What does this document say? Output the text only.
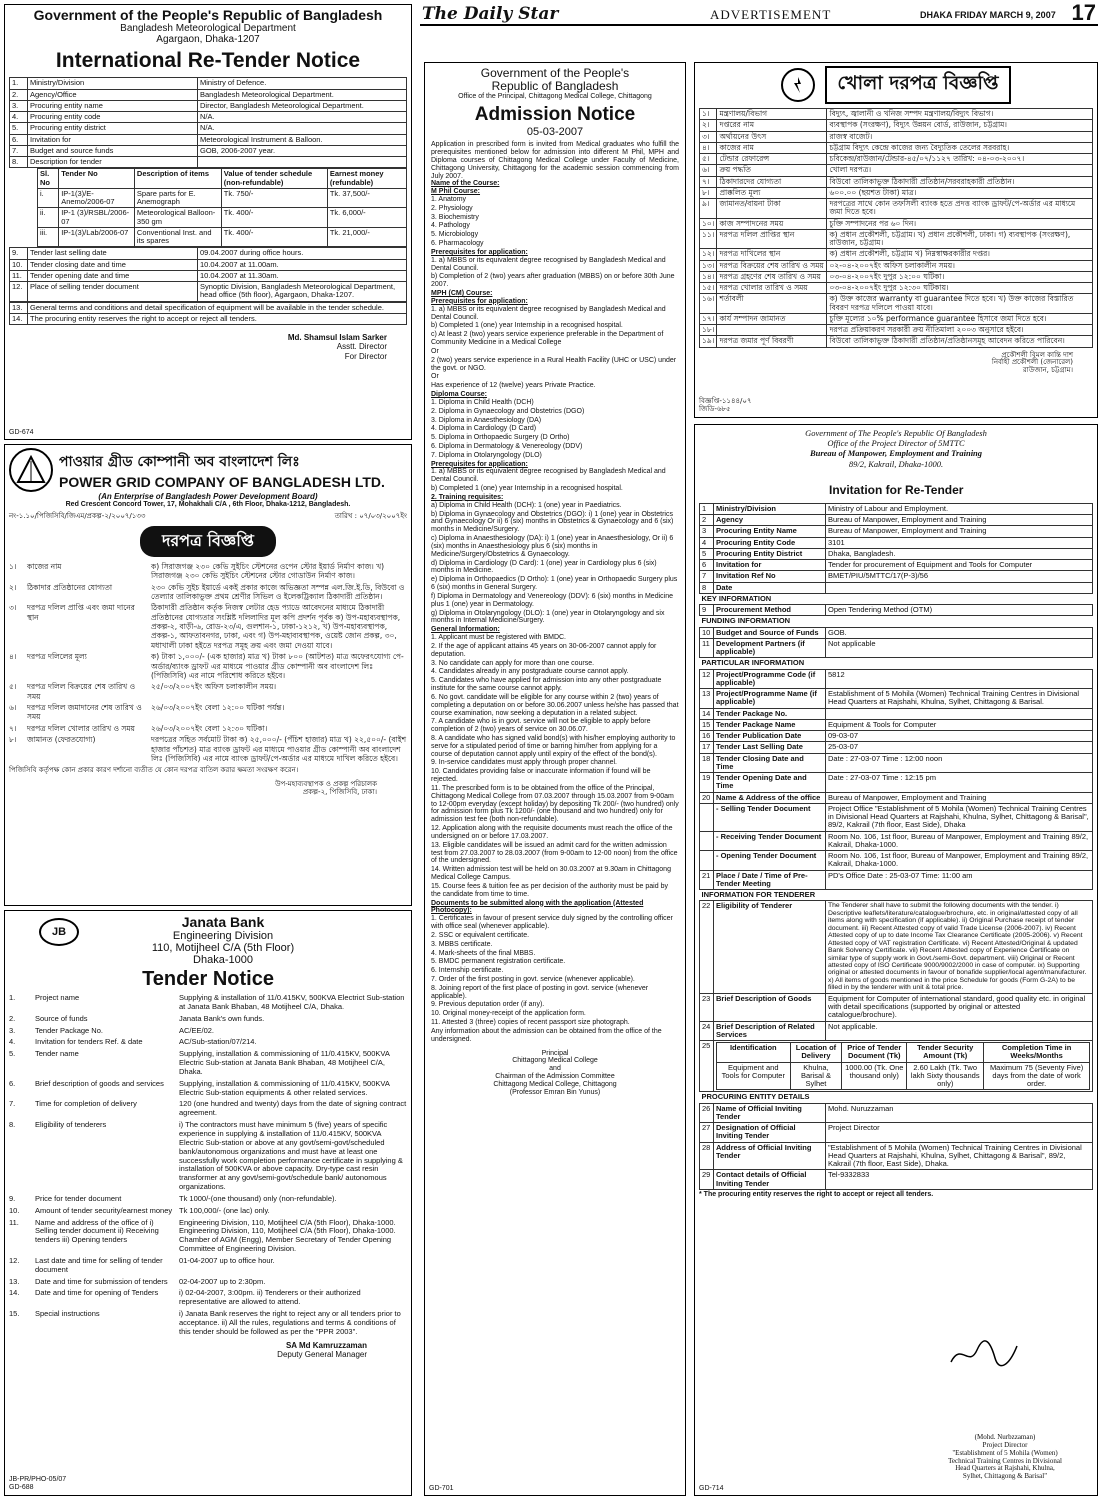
The Daily Star	ADVERTISEMENT	DHAKA FRIDAY MARCH 9, 2007 17
Government of the People's Republic of Bangladesh
Bangladesh Meteorological Department
Agargaon, Dhaka-1207
International Re-Tender Notice
1.	Ministry/Division	Ministry of Defence.
2.	Agency/Office	Bangladesh Meteorological Department.
3.	Procuring entity name	Director, Bangladesh Meteorological Department.
4.	Procuring entity code	N/A.
5.	Procuring entity district	N/A.
6.	Invitation for	Meteorological Instrument & Balloon.
7.	Budget and source funds	GOB, 2006-2007 year.
8.	Description for tender	
Sl. No	Tender No	Description of items	Value of tender schedule (non-refundable)	Earnest money (refundable)
i.	IP-1(3)/E-Anemo/2006-07	Spare parts for E. Anemograph	Tk. 750/-	Tk. 37,500/-
ii.	IP-1 (3)/RSBL/2006-07	Meteorological Balloon-350 gm	Tk. 400/-	Tk. 6,000/-
iii.	IP-1(3)/Lab/2006-07	Conventional Inst. and its spares	Tk. 400/-	Tk. 21,000/-
9.	Tender last selling date	09.04.2007 during office hours.
10.	Tender closing date and time	10.04.2007 at 11.00am.
11.	Tender opening date and time	10.04.2007 at 11.30am.
12.	Place of selling tender document	Synoptic Division, Bangladesh Meteorological Department, head office (5th floor), Agargaon, Dhaka-1207.
13.	General terms and conditions and detail specification of equipment will be available in the tender schedule.
14.	The procuring entity reserves the right to accept or reject all tenders.
Md. Shamsul Islam Sarker
Asstt. Director
For Director
GD-674
পাওয়ার গ্রীড কোম্পানী অব বাংলাদেশ লিঃ
POWER GRID COMPANY OF BANGLADESH LTD.
(An Enterprise of Bangladesh Power Development Board)
Red Crescent Concord Tower, 17, Mohakhali C/A , 6th Floor, Dhaka-1212, Bangladesh.
নং-১.১০/পিজিসিবি/জিএম/প্রকল্প-২/২০০৭/১৩৩	তারিখ : ০৭/০৩/২০০৭ইং
দরপত্র বিজ্ঞপ্তি
১।	কাজের নাম	ক) সিরাজগঞ্জ ২৩০ কেভি সুইচিং স্টেশনের ওপেন স্টোর ইয়ার্ড নির্মাণ কাজ। খ) সিরাজগঞ্জ ২৩০ কেভি সুইচিং স্টেশনের স্টোর গোডাউন নির্মাণ কাজ।
২।	ঠিকাদার প্রতিষ্ঠানের যোগ্যতা	২৩০ কেভি সুইচ ইয়ার্ডে একই প্রকার কাজে অভিজ্ঞতা সম্পন্ন এল.জি.ই.ডি, বিউবো ও তেল্যার তালিকাভুক্ত প্রথম শ্রেণীর সিভিল ও ইলেকট্রিক্যাল ঠিকাদারী প্রতিষ্ঠান।
৩।	দরপত্র দলিল প্রাপ্তি এবং জমা দানের স্থান
ঠিকাদারী প্রতিষ্ঠান কর্তৃক নিজস্ব লেটার হেড প্যাডে আবেদনের মাধ্যমে ঠিকাদারী প্রতিষ্ঠানের যোগ্যতার সংশ্লিষ্ট দলিলাদির মূল কপি প্রদর্শন পূর্বক ক) উপ-মহাব্যবস্থাপক, প্রকল্প-২, বাড়ী-৬, রোড-২৩/এ, গুলশান-১, ঢাকা-১২১২, খ) উপ-মহাব্যবস্থাপক, প্রকল্প-১, আফতাবনগর, ঢাকা, এবং গ) উপ-মহাব্যবস্থাপক, ওয়েষ্ট জোন প্রকল্প, ৩০, মধাখালী ঢাকা হইতে দরপত্র সমূহ ক্রয় এবং জমা দেওয়া যাবে।
৪।	দরপত্র দলিলের মূল্য	ক) টাকা ১,০০০/- (এক হাজার) মাত্র খ) টাকা ৮০০ (আটশত) মাত্র অফেরৎযোগ্য পে-অর্ডার/ব্যাংক ড্রাফট এর মাধ্যমে পাওয়ার গ্রীড কোম্পানী অব বাংলাদেশ লিঃ (পিজিসিবি) এর নামে পরিশোধ করিতে হইবে।
৫।	দরপত্র দলিল বিক্রয়ের শেষ তারিখ ও সময়
২৫/০৩/২০০৭ইং অফিস চলাকালীন সময়।
৬।	দরপত্র দলিল জমাদানের শেষ তারিখ ও সময়
২৬/০৩/২০০৭ইং বেলা ১২:০০ ঘটিকা পর্যন্ত।
৭।	দরপত্র দলিল খোলার তারিখ ও সময়	২৬/০৩/২০০৭ইং বেলা ১২:৩০ ঘটিকা।
৮।	জামানত (ফেরতযোগ্য)	দরপত্রের সহিত সর্বমোট টাকা ক) ২৫,০০০/- (পঁচিশ হাজার) মাত্র খ) ২২,৫০০/- (বাইশ হাজার পাঁচশত) মাত্র ব্যাংক ড্রাফট এর মাধ্যমে পাওয়ার গ্রীড কোম্পানী অব বাংলাদেশ লিঃ (পিজিসিবি) এর নামে ব্যাংক ড্রাফট/পে-অর্ডার এর মাধ্যমে দাখিল করিতে হইবে।
পিজিসিবি কর্তৃপক্ষ কোন প্রকার কারণ দর্শানো ব্যতীত যে কোন দরপত্র বাতিল করার ক্ষমতা সংরক্ষণ করেন।
উপ-মহাব্যবস্থাপক ও প্রকল্প পরিচালক
প্রকল্প-২, পিজিসিবি, ঢাকা।
JB
Janata Bank
Engineering Division
110, Motijheel C/A (5th Floor)
Dhaka-1000
Tender Notice
1.	Project name	Supplying & installation of 11/0.415KV, 500KVA Electrict Sub-station at Janata Bank Bhaban, 48 Motijheel C/A, Dhaka.
2.	Source of funds	Janata Bank's own funds.
3.	Tender Package No.	AC/EE/02.
4.	Invitation for tenders Ref. & date	AC/Sub-station/07/214.
5.	Tender name	Supplying, installation & commissioning of 11/0.415KV, 500KVA Electric Sub-station at Janata Bank Bhaban, 48 Motijheel C/A, Dhaka.
6.	Brief description of goods and services	Supplying, installation & commissioning of 11/0.415KV, 500KVA Electric Sub-station equipments & other related services.
7.	Time for completion of delivery	120 (one hundred and twenty) days from the date of signing contract agreement.
8.	Eligibility of tenderers	i) The contractors must have minimum 5 (five) years of specific experience in supplying & installation of 11/0.415KV, 500KVA Electric Sub-station or above at any govt/semi-govt/scheduled bank/autonomous organizations and must have at least one successfully work completion performance certificate in supplying & installation of 500KVA or above capacity. Dry-type cast resin transformer at any govt/semi-govt/schedule bank/ autonomous organizations.
9.	Price for tender document	Tk 1000/-(one thousand) only (non-refundable).
10.	Amount of tender security/earnest money Tk 100,000/- (one lac) only.
11.	Name and address of the office of i) Selling tender document ii) Receiving tenders iii) Opening tenders
Engineering Division, 110, Motijheel C/A (5th Floor), Dhaka-1000. Engineering Division, 110, Motijheel C/A (5th Floor), Dhaka-1000. Chamber of AGM (Engg), Member Secretary of Tender Opening Committee of Engineering Division.
12.	Last date and time for selling of tender document
01-04-2007 up to office hour.
13.	Date and time for submission of tenders	02-04-2007 up to 2:30pm.
14.	Date and time for opening of Tenders	i) 02-04-2007, 3:00pm. ii) Tenderers or their authorized representative are allowed to attend.
15.	Special instructions	i) Janata Bank reserves the right to reject any or all tenders prior to acceptance. ii) All the rules, regulations and terms & conditions of this tender should be followed as per the "PPR 2003".
SA Md Kamruzzaman
Deputy General Manager
JB-PR/PHO-05/07
GD-688
Government of the People's
Republic of Bangladesh
Office of the Principal, Chittagong Medical College, Chittagong
Admission Notice
05-03-2007
Application in prescribed form is invited from Medical graduates who fulfill the prerequisites mentioned below for admission into different M Phil, MPH and Diploma courses of Chittagong Medical College under Faculty of Medicine, Chittagong University, Chittagong for the academic session commencing from July 2007.
Name of the Course:
M Phil Course:
1. Anatomy
2. Physiology
3. Biochemistry
4. Pathology
5. Microbiology
6. Pharmacology
Prerequisites for application:
1. a) MBBS or its equivalent degree recognised by Bangladesh Medical and Dental Council.
b) Completion of 2 (two) years after graduation (MBBS) on or before 30th June 2007.
MPH (CM) Course:
Prerequisites for application:
1. a) MBBS or its equivalent degree recognised by Bangladesh Medical and Dental Council.
b) Completed 1 (one) year Internship in a recognised hospital.
c) At least 2 (two) years service experience preferable in the Department of Community Medicine in a Medical College
Or
2 (two) years service experience in a Rural Health Facility (UHC or USC) under the govt. or NGO.
Or
Has experience of 12 (twelve) years Private Practice.
Diploma Course:
1. Diploma in Child Health (DCH)
2. Diploma in Gynaecology and Obstetrics (DGO)
3. Diploma in Anaesthesiology (DA)
4. Diploma in Cardiology (D Card)
5. Diploma in Orthopaedic Surgery (D Ortho)
6. Diploma in Dermatology & Venereology (DDV)
7. Diploma in Otolaryngology (DLO)
Prerequisites for application:
1. a) MBBS or its equivalent degree recognised by Bangladesh Medical and Dental Council.
b) Completed 1 (one) year Internship in a recognised hospital.
2. Training requisites:
a) Diploma in Child Health (DCH): 1 (one) year in Paediatrics.
b) Diploma in Gynaecology and Obstetrics (DGO): i) 1 (one) year in Obstetrics and Gynaecology Or ii) 6 (six) months in Obstetrics & Gynaecology and 6 (six) months in Medicine/Surgery.
c) Diploma in Anaesthesiology (DA): i) 1 (one) year in Anaesthesiology, Or ii) 6 (six) months in Anaesthesiology plus 6 (six) months in Medicine/Surgery/Obstetrics & Gynaecology.
d) Diploma in Cardiology (D Card): 1 (one) year in Cardiology plus 6 (six) months in Medicine.
e) Diploma in Orthopaedics (D Ortho): 1 (one) year in Orthopaedic Surgery plus 6 (six) months in General Surgery.
f) Diploma in Dermatology and Venereology (DDV): 6 (six) months in Medicine plus 1 (one) year in Dermatology.
g) Diploma in Otolaryngology (DLO): 1 (one) year in Otolaryngology and six months in Internal Medicine/Surgery.
General Information:
1. Applicant must be registered with BMDC.
2. If the age of applicant attains 45 years on 30-06-2007 cannot apply for deputation.
3. No candidate can apply for more than one course.
4. Candidates already in any postgraduate course cannot apply.
5. Candidates who have applied for admission into any other postgraduate institute for the same course cannot apply.
6. No govt. candidate will be eligible for any course within 2 (two) years of completing a deputation on or before 30.06.2007 unless he/she has passed that course examination, now seeking a deputation in a related subject.
7. A candidate who is in govt. service will not be eligible to apply before completion of 2 (two) years of service on 30.06.07.
8. A candidate who has signed valid bond(s) with his/her employing authority to serve for a stipulated period of time or barring him/her from applying for a course of deputation cannot apply until expiry of the effect of the bond(s).
9. In-service candidates must apply through proper channel.
10. Candidates providing false or inaccurate information if found will be rejected.
11. The prescribed form is to be obtained from the office of the Principal, Chittagong Medical College from 07.03.2007 through 15.03.2007 from 9-00am to 12-00pm everyday (except holiday) by depositing Tk 200/- (two hundred) only for admission form plus Tk 1200/- (one thousand and two hundred) only for admission test fee (both non-refundable).
12. Application along with the requisite documents must reach the office of the undersigned on or before 17.03.2007.
13. Eligible candidates will be issued an admit card for the written admission test from 27.03.2007 to 28.03.2007 (from 9-00am to 12-00 noon) from the office of the undersigned.
14. Written admission test will be held on 30.03.2007 at 9.30am in Chittagong Medical College Campus.
15. Course fees & tuition fee as per decision of the authority must be paid by the candidate from time to time.
Documents to be submitted along with the application (Attested Photocopy):
1. Certificates in favour of present service duly signed by the controlling officer with office seal (whenever applicable).
2. SSC or equivalent certificate.
3. MBBS certificate.
4. Mark-sheets of the final MBBS.
5. BMDC permanent registration certificate.
6. Internship certificate.
7. Order of the first posting in govt. service (whenever applicable).
8. Joining report of the first place of posting in govt. service (whenever applicable).
9. Previous deputation order (if any).
10. Original money-receipt of the application form.
11. Attested 3 (three) copies of recent passport size photograph.
Any information about the admission can be obtained from the office of the undersigned.
Principal
Chittagong Medical College
and
Chairman of the Admission Committee
Chittagong Medical College, Chittagong
(Professor Emran Bin Yunus)
GD-701
খোলা দরপত্র বিজ্ঞপ্তি
১।	মন্ত্রণালয়/বিভাগ	বিদ্যুৎ, জ্বালানী ও খনিজ সম্পদ মন্ত্রণালয়/বিদ্যুৎ বিভাগ।
২।	দপ্তরের নাম	ব্যবস্থাপক (সংরক্ষণ), বিদ্যুৎ উন্নয়ন বোর্ড, রাউজান, চট্টগ্রাম।
৩।	অর্থায়নের উৎস	রাজস্ব বাজেট।
৪।	কাজের নাম	চট্টগ্রাম বিদ্যুৎ কেন্দ্রে কাজের জন্য বৈদ্যুতিক তেলের সরবরাহ।
৫।	টেন্ডার রেফারেন্স	চবিকেন্দ্র/রাউজান/টেন্ডার-৪৫/০৭/১১২৭ তারিখ: ০৪-০৩-২০০৭।
৬।	ক্রয় পদ্ধতি	খোলা দরপত্র।
৭।	ঠিকাদারদের যোগ্যতা	বিউবো তালিকাভুক্ত ঠিকাদারী প্রতিষ্ঠান/সরবরাহকারী প্রতিষ্ঠান।
৮।	প্রাক্কলিত মূল্য	৬০০.০০ (ছয়শত টাকা) মাত্র।
৯।	জামানত/বায়না টাকা	দরপত্রের সাথে কোন তফসিলী ব্যাংক হতে প্রদত্ত ব্যাংক ড্রাফট/পে-অর্ডার এর মাধ্যমে জমা দিতে হবে।
১০।	কাজ সম্পাদনের সময়	চুক্তি সম্পাদনের পর ৬০ দিন।
১১।	দরপত্র দলিল প্রাপ্তির স্থান	ক) প্রধান প্রকৌশলী, চট্টগ্রাম। খ) প্রধান প্রকৌশলী, ঢাকা। গ) ব্যবস্থাপক (সংরক্ষণ), রাউজান, চট্টগ্রাম।
১২।	দরপত্র দাখিলের স্থান	ক) প্রধান প্রকৌশলী, চট্টগ্রাম খ) নিম্নস্বাক্ষরকারীর দপ্তর।
১৩।	দরপত্র বিক্রয়ের শেষ তারিখ ও সময়	০২-০৪-২০০৭ইং অফিস চলাকালীন সময়।
১৪।	দরপত্র গ্রহণের শেষ তারিখ ও সময়	০৩-০৪-২০০৭ইং দুপুর ১২:০০ ঘটিকা।
১৫।	দরপত্র খোলার তারিখ ও সময়	০৩-০৪-২০০৭ইং দুপুর ১২:৩০ ঘটিকায়।
১৬।	শর্তাবলী	ক) উক্ত কাজের warranty বা guarantee দিতে হবে। খ) উক্ত কাজের বিস্তারিত বিবরণ দরপত্র দলিলে পাওয়া যাবে।
১৭।	কার্য সম্পাদন জামানত	চুক্তি মূল্যের ১০% performance guarantee হিসাবে জমা দিতে হবে।
১৮।		দরপত্র প্রক্রিয়াকরণ সরকারী ক্রয় নীতিমালা ২০০৩ অনুসারে হইবে।
১৯।	দরপত্র জমার পূর্ণ বিবরণী	বিউবো তালিকাভুক্ত ঠিকাদারী প্রতিষ্ঠান/প্রতিষ্ঠানসমূহ আবেদন করিতে পারিবেন।
প্রকৌশলী বিমল কান্তি দাশ
নির্বাহী প্রকৌশলী (জেনারেল)
রাউজান, চট্টগ্রাম।
বিজ্ঞপ্তি-১১৪৪/০৭
জিডি-৬৮৫
Government of The People's Republic Of Bangladesh
Office of the Project Director of 5MTTC
Bureau of Manpower, Employment and Training
89/2, Kakrail, Dhaka-1000.
Invitation for Re-Tender
1	Ministry/Division	Ministry of Labour and Employment.
2	Agency	Bureau of Manpower, Employment and Training
3	Procuring Entity Name	Bureau of Manpower, Employment and Training
4	Procuring Entity Code	3101
5	Procuring Entity District	Dhaka, Bangladesh.
6	Invitation for	Tender for procurement of Equipment and Tools for Computer
7	Invitation Ref No	BMET/PIU/5MTTC/17(P-3)/56
8	Date	
KEY INFORMATION
9	Procurement Method	Open Tendering Method (OTM)
FUNDING INFORMATION
10	Budget and Source of Funds	GOB.
11	Development Partners (if applicable)	Not applicable
PARTICULAR INFORMATION
12	Project/Programme Code (if applicable)	5812
13	Project/Programme Name (if applicable)	Establishment of 5 Mohila (Women) Technical Training Centres in Divisional Head Quarters at Rajshahi, Khulna, Sylhet, Chittagong & Barisal.
14	Tender Package No.	
15	Tender Package Name	Equipment & Tools for Computer
16	Tender Publication Date	09-03-07
17	Tender Last Selling Date	25-03-07
18	Tender Closing Date and Time	Date : 27-03-07 Time : 12:00 noon
19	Tender Opening Date and Time	Date : 27-03-07 Time : 12:15 pm
20	Name & Address of the office	Bureau of Manpower, Employment and Training
	- Selling Tender Document	Project Office "Establishment of 5 Mohila (Women) Technical Training Centres in Divisional Head Quarters at Rajshahi, Khulna, Sylhet, Chittagong & Barisal", 89/2, Kakrail (7th floor, East Side), Dhaka
	- Receiving Tender Document	Room No. 106, 1st floor, Bureau of Manpower, Employment and Training 89/2, Kakrail, Dhaka-1000.
	- Opening Tender Document	Room No. 106, 1st floor, Bureau of Manpower, Employment and Training 89/2, Kakrail, Dhaka-1000.
21	Place / Date / Time of Pre-Tender Meeting	PD's Office Date : 25-03-07 Time: 11:00 am
INFORMATION FOR TENDERER
22	Eligibility of Tenderer	The Tenderer shall have to submit the following documents with the tender. i) Descriptive leaflets/literature/catalogue/brochure, etc. in original/attested copy of all items along with specification (if applicable). ii) Original Purchase receipt of tender document. iii) Recent Attested copy of valid Trade License (2006-2007). iv) Recent Attested copy of up to date Income Tax Clearance Certificate (2005-2006). v) Recent Attested copy of VAT registration Certificate. vi) Recent Attested/Original & updated Bank Solvency Certificate. vii) Recent Attested copy of Experience Certificate on similar type of supply work in Govt./semi-Govt. department. viii) Original or Recent attested copy of ISO Certificate 9000/9002/2000 in case of computer. ix) Supporting original or attested documents in favour of bonafide supplier/local agent/manufacturer. x) All items of goods mentioned in the price Schedule for goods (Form G-2A) to be filled in by the tenderer with unit & total price.
23	Brief Description of Goods	Equipment for Computer of international standard, good quality etc. in original with detail specifications (supported by original or attested catalogue/brochure).
24	Brief Description of Related Services	Not applicable.
25		Identification	Location of Delivery	Price of Tender Document (Tk)	Tender Security Amount (Tk)	Completion Time in Weeks/Months
Equipment and Tools for Computer	Khulna, Barisal & Sylhet	1000.00 (Tk. One thousand only)	2.60 Lakh (Tk. Two lakh Sixty thousands only)	Maximum 75 (Seventy Five) days from the date of work order.

PROCURING ENTITY DETAILS
26	Name of Official Inviting Tender	Mohd. Nuruzzaman
27	Designation of Official Inviting Tender	Project Director
28	Address of Official Inviting Tender	"Establishment of 5 Mohila (Women) Technical Training Centres in Divisional Head Quarters at Rajshahi, Khulna, Sylhet, Chittagong & Barisal", 89/2, Kakrail (7th floor, East Side), Dhaka.
29	Contact details of Official Inviting Tender	Tel-9332833
* The procuring entity reserves the right to accept or reject all tenders.
(Mohd. Nurbzzaman)
Project Director
"Establishment of 5 Mohila (Women)
Technical Training Centres in Divisional
Head Quarters at Rajshahi, Khulna,
Sylhet, Chittagong & Barisal"
GD-714
